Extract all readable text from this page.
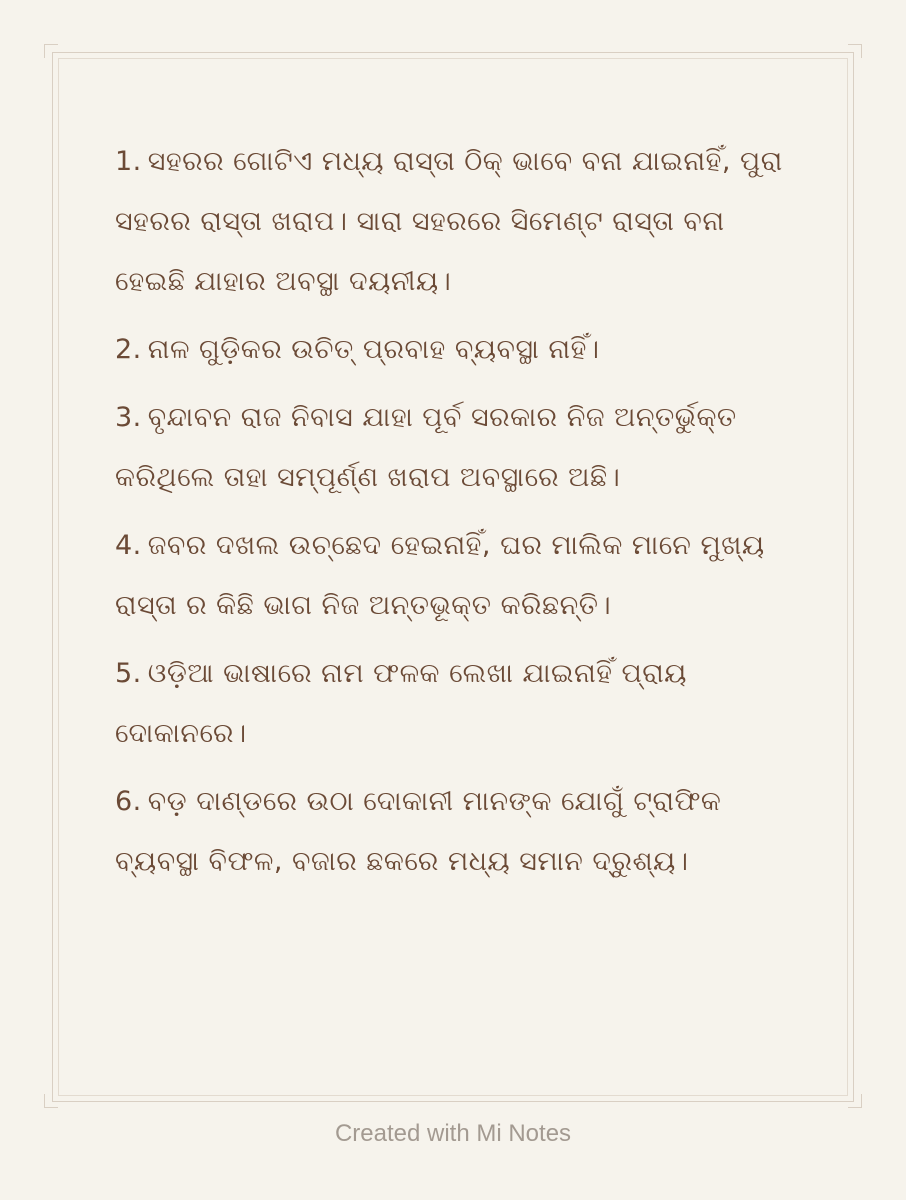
1. ସହରର ଗୋଟିଏ ମଧ୍ୟ ରାସ୍ତା ଠିକ୍ ଭାବେ ବନା ଯାଇନାହିଁ, ପୁରା ସହରର ରାସ୍ତା ଖରାପ। ସାରା ସହରରେ ସିମେଣ୍ଟ ରାସ୍ତା ବନା ହେଇଛି ଯାହାର ଅବସ୍ଥା ଦୟନୀୟ।

2. ନାଳ ଗୁଡ଼ିକର ଉଚିତ୍ ପ୍ରବାହ ବ୍ୟବସ୍ଥା ନାହିଁ।

3. ବୃନ୍ଦାବନ ରାଜ ନିବାସ ଯାହା ପୂର୍ବ ସରକାର ନିଜ ଅନ୍ତର୍ଭୁକ୍ତ କରିଥିଲେ ତାହା ସମ୍ପୂର୍ଣ୍ଣ ଖରାପ ଅବସ୍ଥାରେ ଅଛି।

4. ଜବର ଦଖଲ ଉଚ୍ଛେଦ ହେଇନାହିଁ, ଘର ମାଲିକ ମାନେ ମୁଖ୍ୟ ରାସ୍ତା ର କିଛି ଭାଗ ନିଜ ଅନ୍ତଭୂକ୍ତ କରିଛନ୍ତି।

5. ଓଡ଼ିଆ ଭାଷାରେ ନାମ ଫଳକ ଲେଖା ଯାଇନାହିଁ ପ୍ରାୟ ଦୋକାନରେ।

6. ବଡ଼ ଦାଣ୍ଡରେ ଉଠା ଦୋକାନୀ ମାନଙ୍କ ଯୋଗୁଁ ଟ୍ରାଫିକ ବ୍ୟବସ୍ଥା ବିଫଳ, ବଜାର ଛକରେ ମଧ୍ୟ ସମାନ ଦ୍ରୁଶ୍ୟ।

Created with Mi Notes
